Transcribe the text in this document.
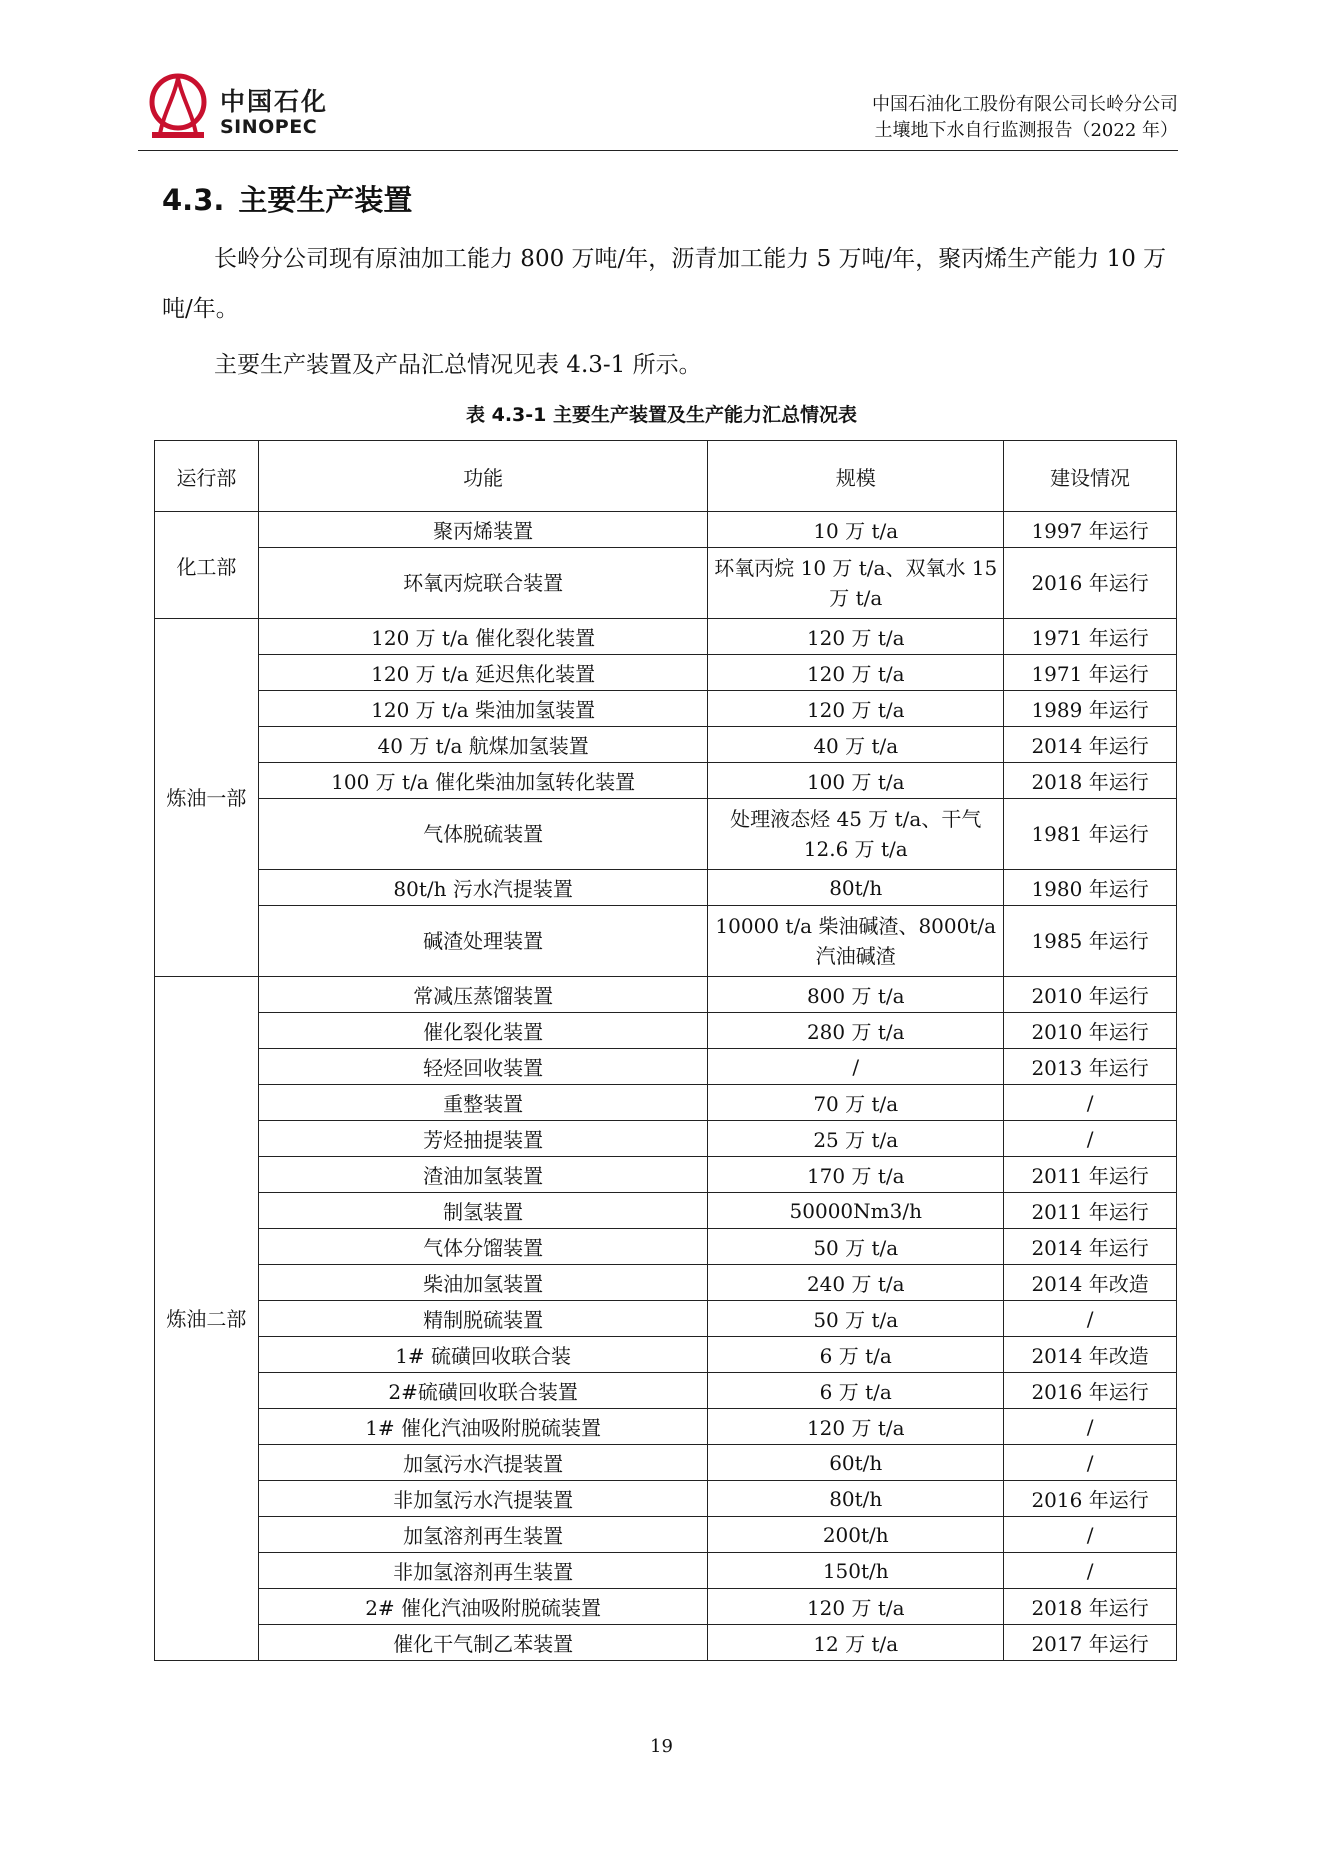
中国石化
SINOPEC
中国石油化工股份有限公司长岭分公司
土壤地下水自行监测报告（2022 年）
4.3. 主要生产装置
长岭分公司现有原油加工能力 800 万吨/年，沥青加工能力 5 万吨/年，聚丙烯生产能力 10 万吨/年。
主要生产装置及产品汇总情况见表 4.3-1 所示。
表 4.3-1 主要生产装置及生产能力汇总情况表
运行部	功能	规模	建设情况
化工部	聚丙烯装置	10 万 t/a	1997 年运行
	环氧丙烷联合装置	环氧丙烷 10 万 t/a、双氧水 15 万 t/a	2016 年运行
炼油一部	120 万 t/a 催化裂化装置	120 万 t/a	1971 年运行
	120 万 t/a 延迟焦化装置	120 万 t/a	1971 年运行
	120 万 t/a 柴油加氢装置	120 万 t/a	1989 年运行
	40 万 t/a 航煤加氢装置	40 万 t/a	2014 年运行
	100 万 t/a 催化柴油加氢转化装置	100 万 t/a	2018 年运行
	气体脱硫装置	处理液态烃 45 万 t/a、干气 12.6 万 t/a	1981 年运行
	80t/h 污水汽提装置	80t/h	1980 年运行
	碱渣处理装置	10000 t/a 柴油碱渣、8000t/a 汽油碱渣	1985 年运行
炼油二部	常减压蒸馏装置	800 万 t/a	2010 年运行
	催化裂化装置	280 万 t/a	2010 年运行
	轻烃回收装置	/	2013 年运行
	重整装置	70 万 t/a	/
	芳烃抽提装置	25 万 t/a	/
	渣油加氢装置	170 万 t/a	2011 年运行
	制氢装置	50000Nm3/h	2011 年运行
	气体分馏装置	50 万 t/a	2014 年运行
	柴油加氢装置	240 万 t/a	2014 年改造
	精制脱硫装置	50 万 t/a	/
	1# 硫磺回收联合装	6 万 t/a	2014 年改造
	2#硫磺回收联合装置	6 万 t/a	2016 年运行
	1# 催化汽油吸附脱硫装置	120 万 t/a	/
	加氢污水汽提装置	60t/h	/
	非加氢污水汽提装置	80t/h	2016 年运行
	加氢溶剂再生装置	200t/h	/
	非加氢溶剂再生装置	150t/h	/
	2# 催化汽油吸附脱硫装置	120 万 t/a	2018 年运行
	催化干气制乙苯装置	12 万 t/a	2017 年运行
19
